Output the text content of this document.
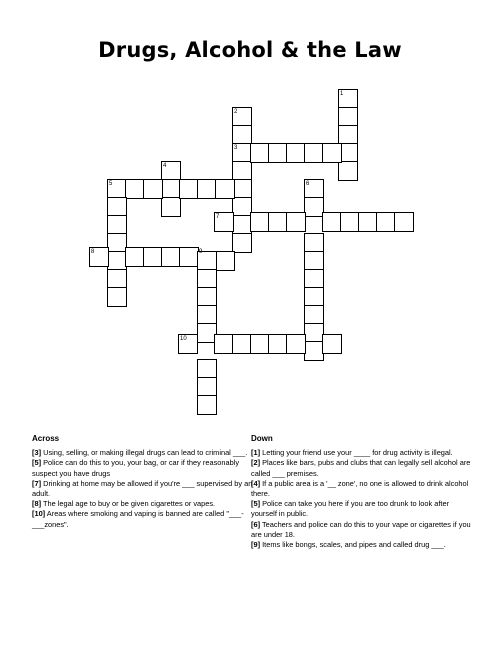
Drugs, Alcohol & the Law
1
2
3
4
5	6
7
8	9
10
Across

[3] Using, selling, or making illegal drugs can lead to criminal ___.

[5] Police can do this to you, your bag, or car if they reasonably suspect you have drugs

[7] Drinking at home may be allowed if you're ___ supervised by an adult.

[8] The legal age to buy or be given cigarettes or vapes.

[10] Areas where smoking and vaping is banned are called "___-___zones".

Down

[1] Letting your friend use your ____ for drug activity is illegal.

[2] Places like bars, pubs and clubs that can legally sell alcohol are called ___ premises.

[4] If a public area is a '__ zone', no one is allowed to drink alcohol there.

[5] Police can take you here if you are too drunk to look after yourself in public.

[6] Teachers and police can do this to your vape or cigarettes if you are under 18.

[9] Items like bongs, scales, and pipes and called drug ___.
